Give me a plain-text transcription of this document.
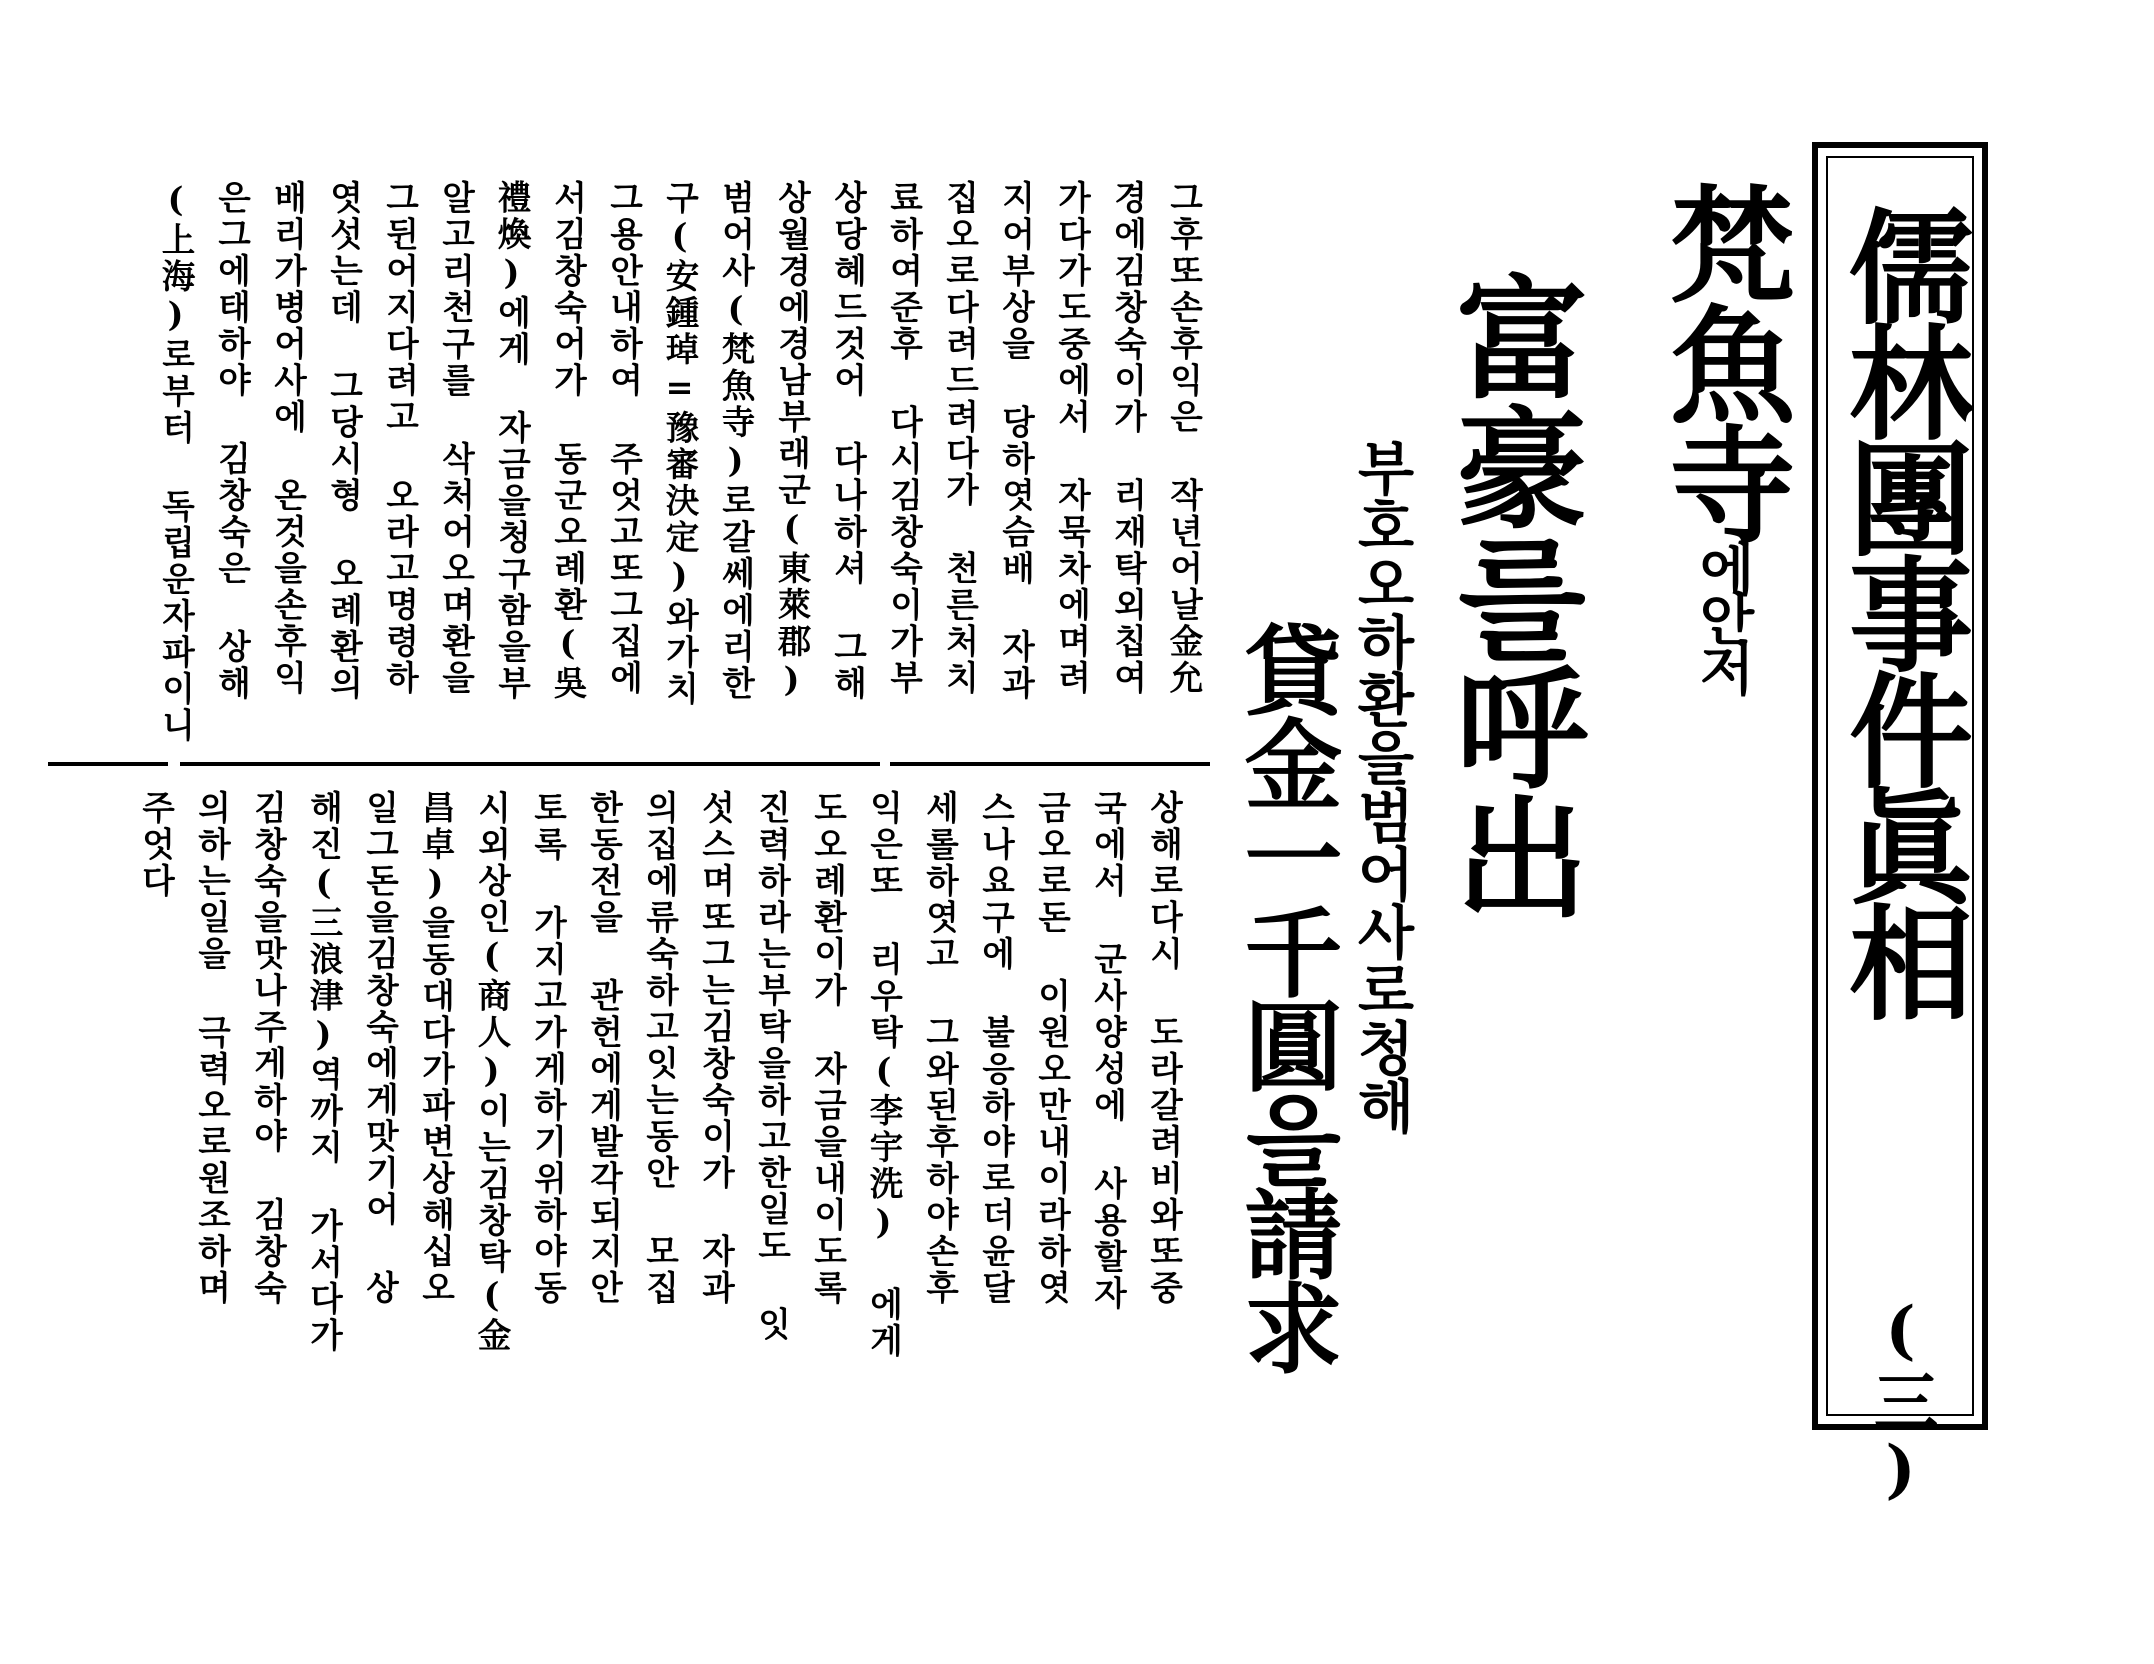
儒林團事件眞相
(三)
梵魚寺에안저
富豪를呼出
부호오하환을범어사로청해
貸金一千圓을請求
그후또손후익은 작년어날金允
경에김창숙이가 리재탁외칩여
가다가도중에서 자묵차에며려
지어부상을 당하엿슴배 자과
집오로다려드려다가 천른처치
료하여준후 다시김창숙이가부
상당혜드것어 다나하셔 그해
상월경에경남부래군(東萊郡)
범어사(梵魚寺)로갈쎄에리한
구(安鍾琸=豫審決定)와가치
그용안내하여 주엇고또그집에
서김창숙어가 동군오례환(吳
禮煥)에게 자금을청구함을부
알고리천구를 삭처어오며환을
그뒨어지다려고 오라고명령하
엿섯는데 그당시형 오례환의
배리가병어사에 온것을손후익
은그에태하야 김창숙은 상해
(上海)로부터 독립운자파이니
상해로다시 도라갈려비와또중
국에서 군사양성에 사용할자
금오로돈 이원오만내이라하엿
스나요구에 불응하야로더윤달
세롤하엿고 그와된후하야손후
익은또 리우탁(李宇洗) 에게
도오례환이가 자금을내이도록
진력하라는부탁을하고한일도 잇
섯스며또그는김창숙이가 자과
의집에류숙하고잇는동안 모집
한동전을 관헌에게발각되지안
토록 가지고가게하기위하야동
시외상인(商人)이는김창탁(金
昌卓)을동대다가파변상해십오
일그돈을김창숙에게맛기어 상
해진(三浪津)역까지 가서다가
김창숙을맛나주게하야 김창숙
의하는일을 극력오로원조하며
주엇다
